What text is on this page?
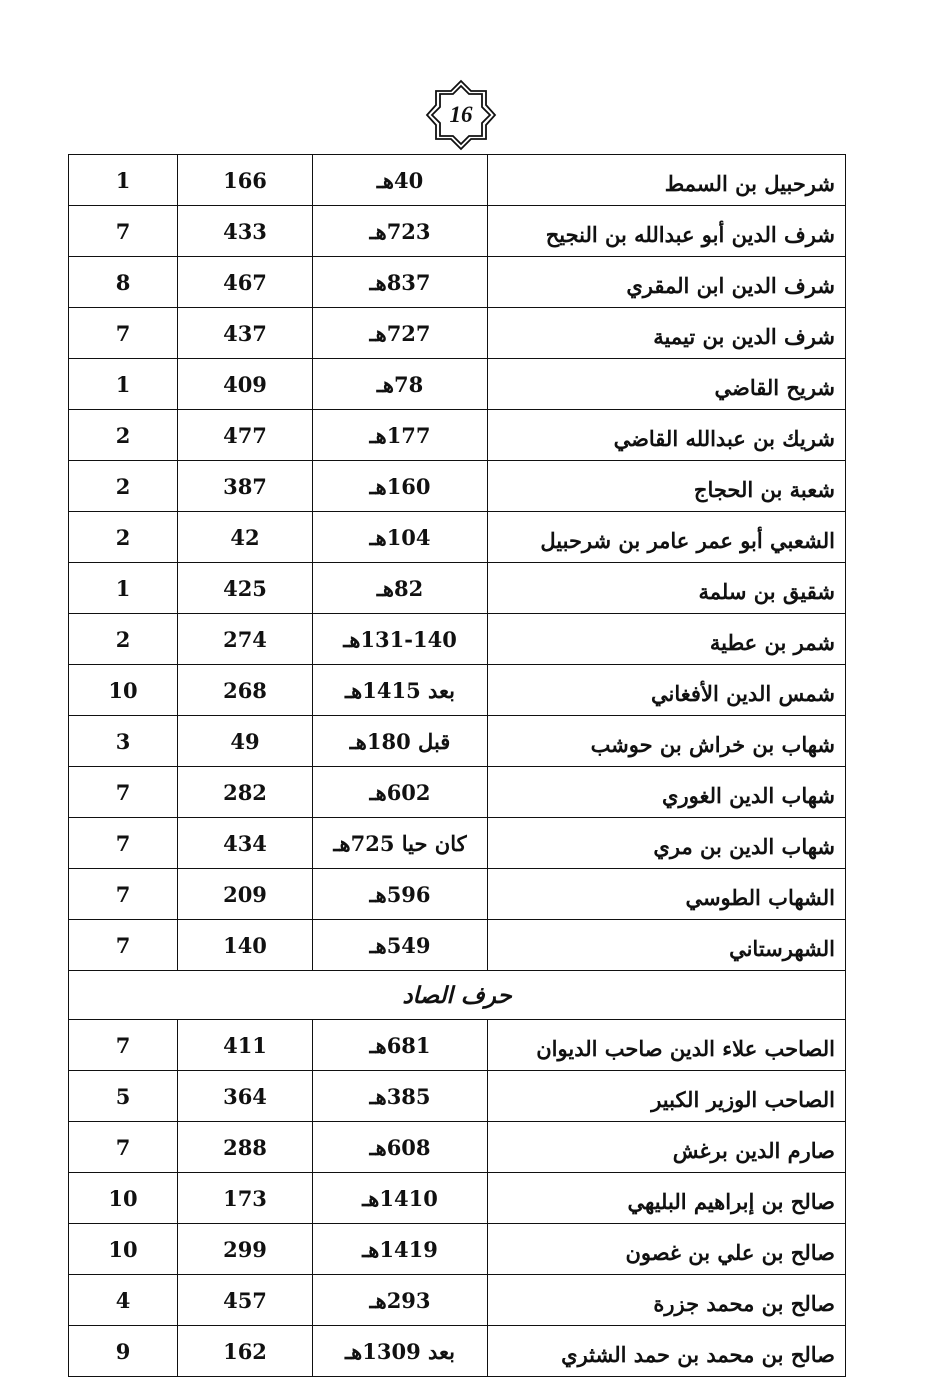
16
1	166	40هـ	شرحبيل بن السمط
7	433	723هـ	شرف الدين أبو عبدالله بن النجيح
8	467	837هـ	شرف الدين ابن المقري
7	437	727هـ	شرف الدين بن تيمية
1	409	78هـ	شريح القاضي
2	477	177هـ	شريك بن عبدالله القاضي
2	387	160هـ	شعبة بن الحجاج
2	42	104هـ	الشعبي أبو عمر عامر بن شرحبيل
1	425	82هـ	شقيق بن سلمة
2	274	131-140هـ	شمر بن عطية
10	268	بعد 1415هـ	شمس الدين الأفغاني
3	49	قبل 180هـ	شهاب بن خراش بن حوشب
7	282	602هـ	شهاب الدين الغوري
7	434	كان حيا 725هـ	شهاب الدين بن مري
7	209	596هـ	الشهاب الطوسي
7	140	549هـ	الشهرستاني
حرف الصاد			
7	411	681هـ	الصاحب علاء الدين صاحب الديوان
5	364	385هـ	الصاحب الوزير الكبير
7	288	608هـ	صارم الدين برغش
10	173	1410هـ	صالح بن إبراهيم البليهي
10	299	1419هـ	صالح بن علي بن غصون
4	457	293هـ	صالح بن محمد جزرة
9	162	بعد 1309هـ	صالح بن محمد بن حمد الشثري
